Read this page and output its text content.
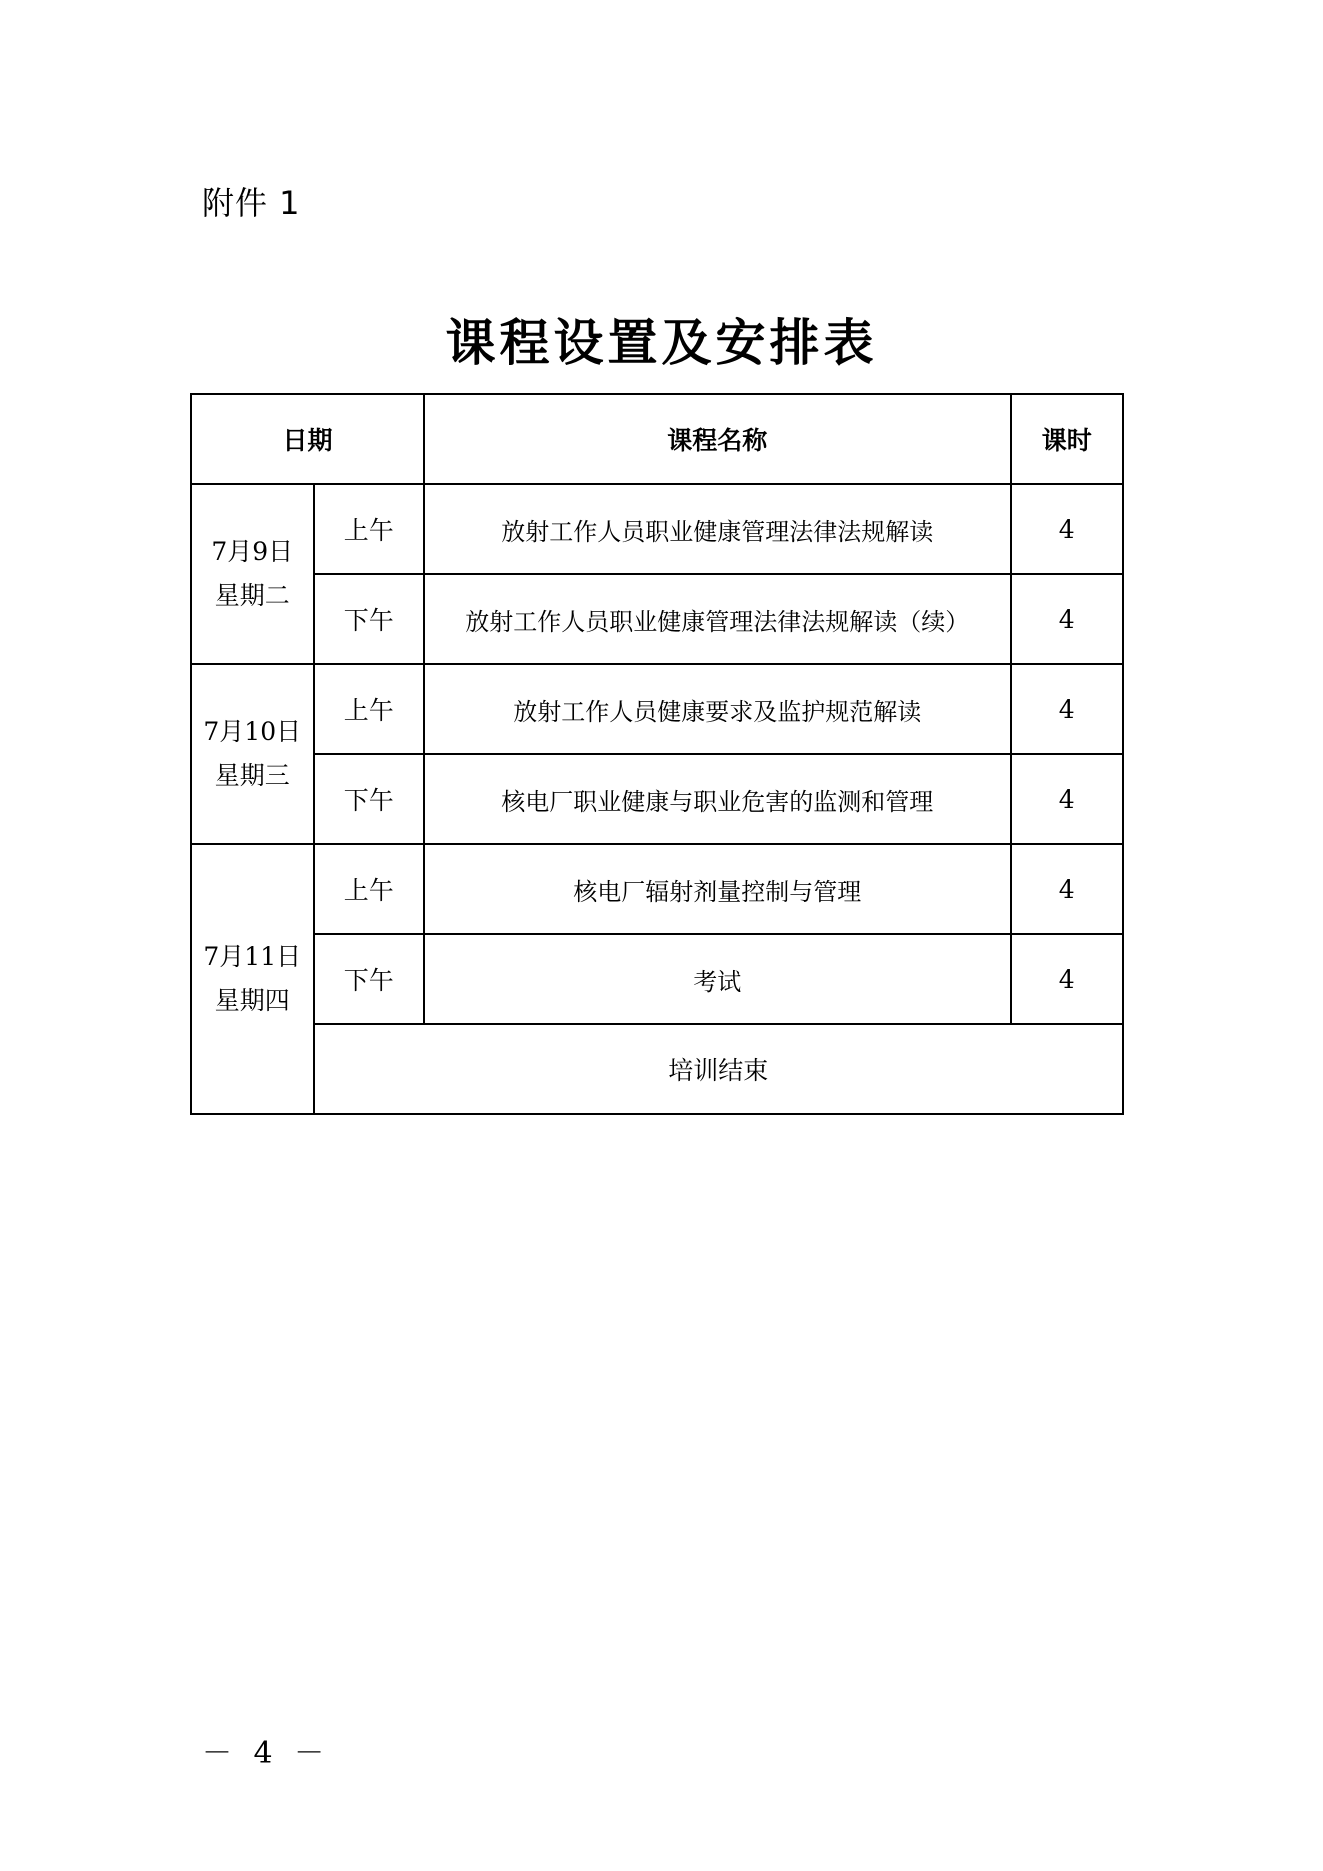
附件 1
课程设置及安排表
日期		课程名称	课时

7月9日
星期二	上午	放射工作人员职业健康管理法律法规解读	4
	下午	放射工作人员职业健康管理法律法规解读（续）	4

7月10日
星期三	上午	放射工作人员健康要求及监护规范解读	4
	下午	核电厂职业健康与职业危害的监测和管理	4

7月11日
星期四	上午	核电厂辐射剂量控制与管理	4
	下午	考试	4
	培训结束		
－ 4 －
